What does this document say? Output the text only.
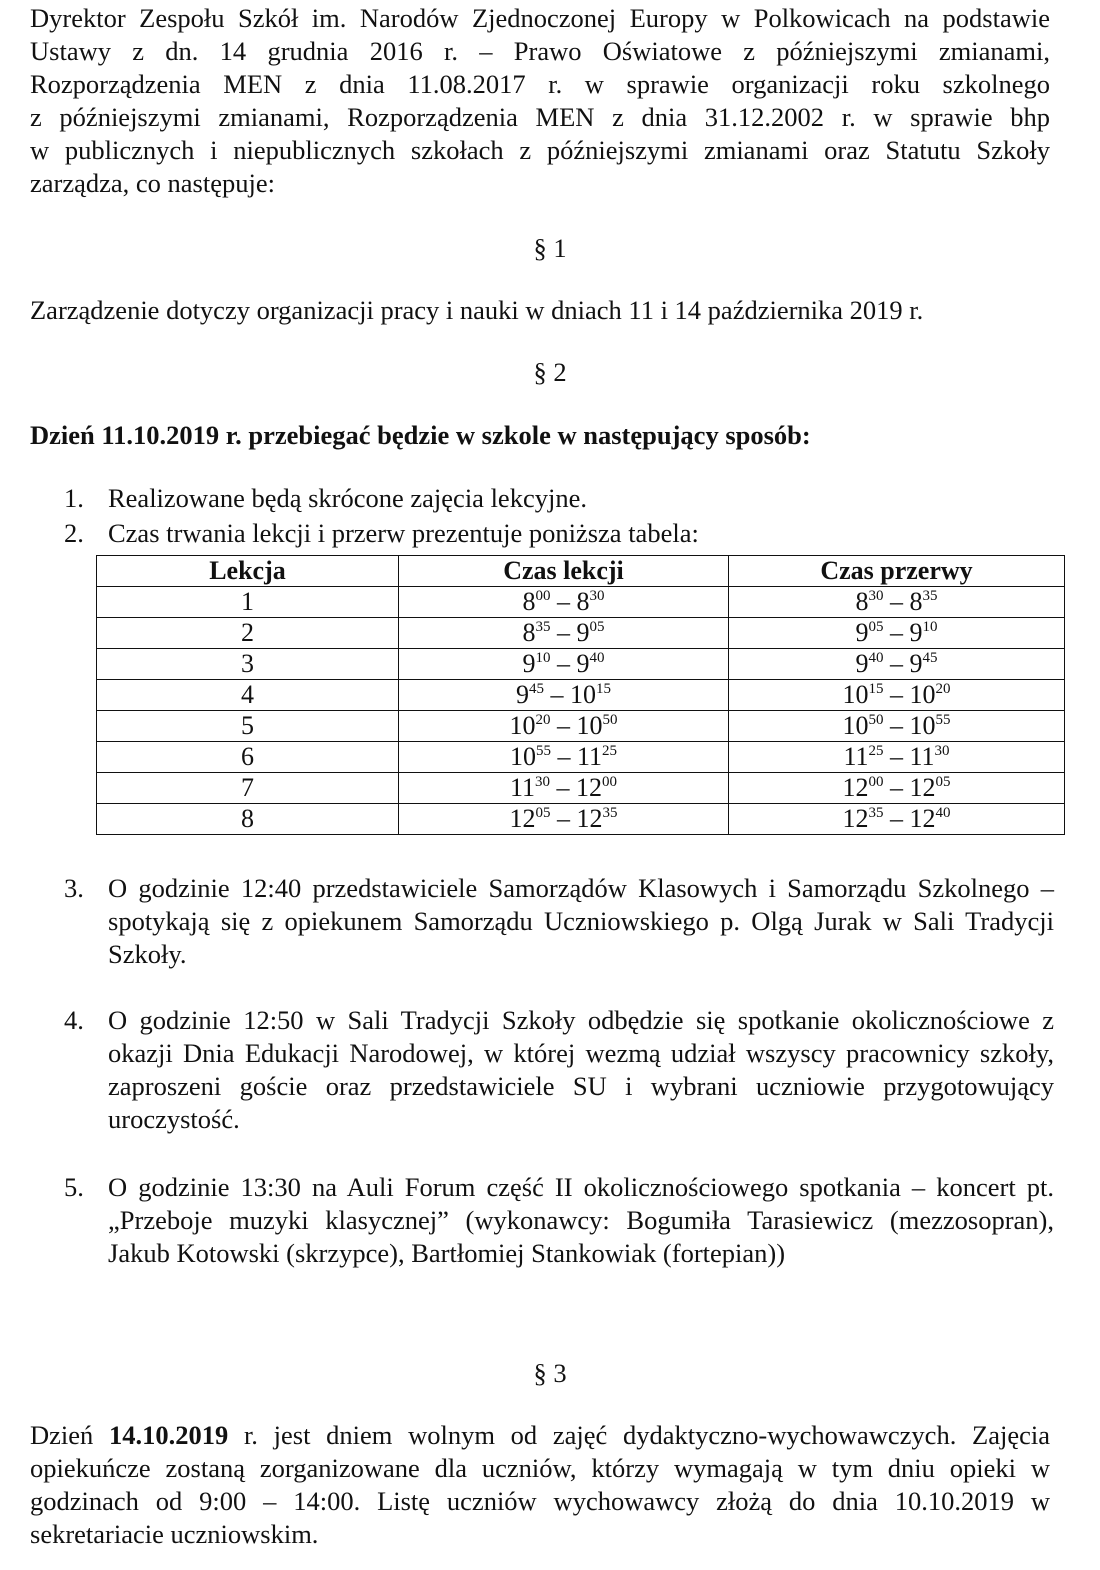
Dyrektor Zespołu Szkół im. Narodów Zjednoczonej Europy w Polkowicach na podstawie
Ustawy z dn. 14 grudnia 2016 r. – Prawo Oświatowe z późniejszymi zmianami,
Rozporządzenia MEN z dnia 11.08.2017 r. w sprawie organizacji roku szkolnego
z późniejszymi zmianami, Rozporządzenia MEN z dnia 31.12.2002 r. w sprawie bhp
w publicznych i niepublicznych szkołach z późniejszymi zmianami oraz Statutu Szkoły
zarządza, co następuje:
§ 1
Zarządzenie dotyczy organizacji pracy i nauki w dniach 11 i 14 października 2019 r.
§ 2
Dzień 11.10.2019 r. przebiegać będzie w szkole w następujący sposób:
1. Realizowane będą skrócone zajęcia lekcyjne.
2. Czas trwania lekcji i przerw prezentuje poniższa tabela:
Lekcja	Czas lekcji	Czas przerwy
1	$8^{00} - 8^{30}$	$8^{30} - 8^{35}$
2	$8^{35} - 9^{05}$	$9^{05} - 9^{10}$
3	$9^{10} - 9^{40}$	$9^{40} - 9^{45}$
4	$9^{45} - 10^{15}$	$10^{15} - 10^{20}$
5	$10^{20} - 10^{50}$	$10^{50} - 10^{55}$
6	$10^{55} - 11^{25}$	$11^{25} - 11^{30}$
7	$11^{30} - 12^{00}$	$12^{00} - 12^{05}$
8	$12^{05} - 12^{35}$	$12^{35} - 12^{40}$
3. O godzinie 12:40 przedstawiciele Samorządów Klasowych i Samorządu Szkolnego – spotykają się z opiekunem Samorządu Uczniowskiego p. Olgą Jurak w Sali Tradycji Szkoły.
4. O godzinie 12:50 w Sali Tradycji Szkoły odbędzie się spotkanie okolicznościowe z okazji Dnia Edukacji Narodowej, w której wezmą udział wszyscy pracownicy szkoły, zaproszeni goście oraz przedstawiciele SU i wybrani uczniowie przygotowujący uroczystość.
5. O godzinie 13:30 na Auli Forum część II okolicznościowego spotkania – koncert pt. „Przeboje muzyki klasycznej” (wykonawcy: Bogumiła Tarasiewicz (mezzosopran), Jakub Kotowski (skrzypce), Bartłomiej Stankowiak (fortepian))
§ 3
Dzień 14.10.2019 r. jest dniem wolnym od zajęć dydaktyczno-wychowawczych. Zajęcia opiekuńcze zostaną zorganizowane dla uczniów, którzy wymagają w tym dniu opieki w godzinach od 9:00 – 14:00. Listę uczniów wychowawcy złożą do dnia 10.10.2019 w sekretariacie uczniowskim.
